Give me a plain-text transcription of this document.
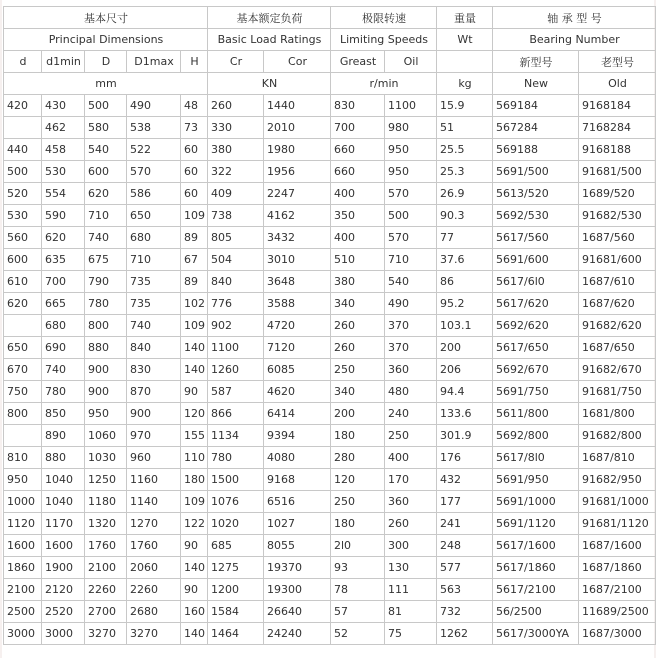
基本尺寸					基本额定负荷		极限转速		重量	轴 承 型 号	
Principal Dimensions					Basic Load Ratings		Limiting Speeds		Wt	Bearing Number	
d	d1min	D	D1max	H	Cr	Cor	Greast	Oil		新型号	老型号
mm					KN		r/min		kg	New	Old
420	430	500	490	48	260	1440	830	1100	15.9	569184	9168184
	462	580	538	73	330	2010	700	980	51	567284	7168284
440	458	540	522	60	380	1980	660	950	25.5	569188	9168188
500	530	600	570	60	322	1956	660	950	25.3	5691/500	91681/500
520	554	620	586	60	409	2247	400	570	26.9	5613/520	1689/520
530	590	710	650	109	738	4162	350	500	90.3	5692/530	91682/530
560	620	740	680	89	805	3432	400	570	77	5617/560	1687/560
600	635	675	710	67	504	3010	510	710	37.6	5691/600	91681/600
610	700	790	735	89	840	3648	380	540	86	5617/6l0	1687/610
620	665	780	735	102	776	3588	340	490	95.2	5617/620	1687/620
	680	800	740	109	902	4720	260	370	103.1	5692/620	91682/620
650	690	880	840	140	1100	7120	260	370	200	5617/650	1687/650
670	740	900	830	140	1260	6085	250	360	206	5692/670	91682/670
750	780	900	870	90	587	4620	340	480	94.4	5691/750	91681/750
800	850	950	900	120	866	6414	200	240	133.6	5611/800	1681/800
	890	1060	970	155	1134	9394	180	250	301.9	5692/800	91682/800
810	880	1030	960	110	780	4080	280	400	176	5617/8l0	1687/810
950	1040	1250	1160	180	1500	9168	120	170	432	5691/950	91682/950
1000	1040	1180	1140	109	1076	6516	250	360	177	5691/1000	91681/1000
1120	1170	1320	1270	122	1020	1027	180	260	241	5691/1120	91681/1120
1600	1600	1760	1760	90	685	8055	2l0	300	248	5617/1600	1687/1600
1860	1900	2100	2060	140	1275	19370	93	130	577	5617/1860	1687/1860
2100	2120	2260	2260	90	1200	19300	78	111	563	5617/2100	1687/2100
2500	2520	2700	2680	160	1584	26640	57	81	732	56/2500	11689/2500
3000	3000	3270	3270	140	1464	24240	52	75	1262	5617/3000YA	1687/3000
